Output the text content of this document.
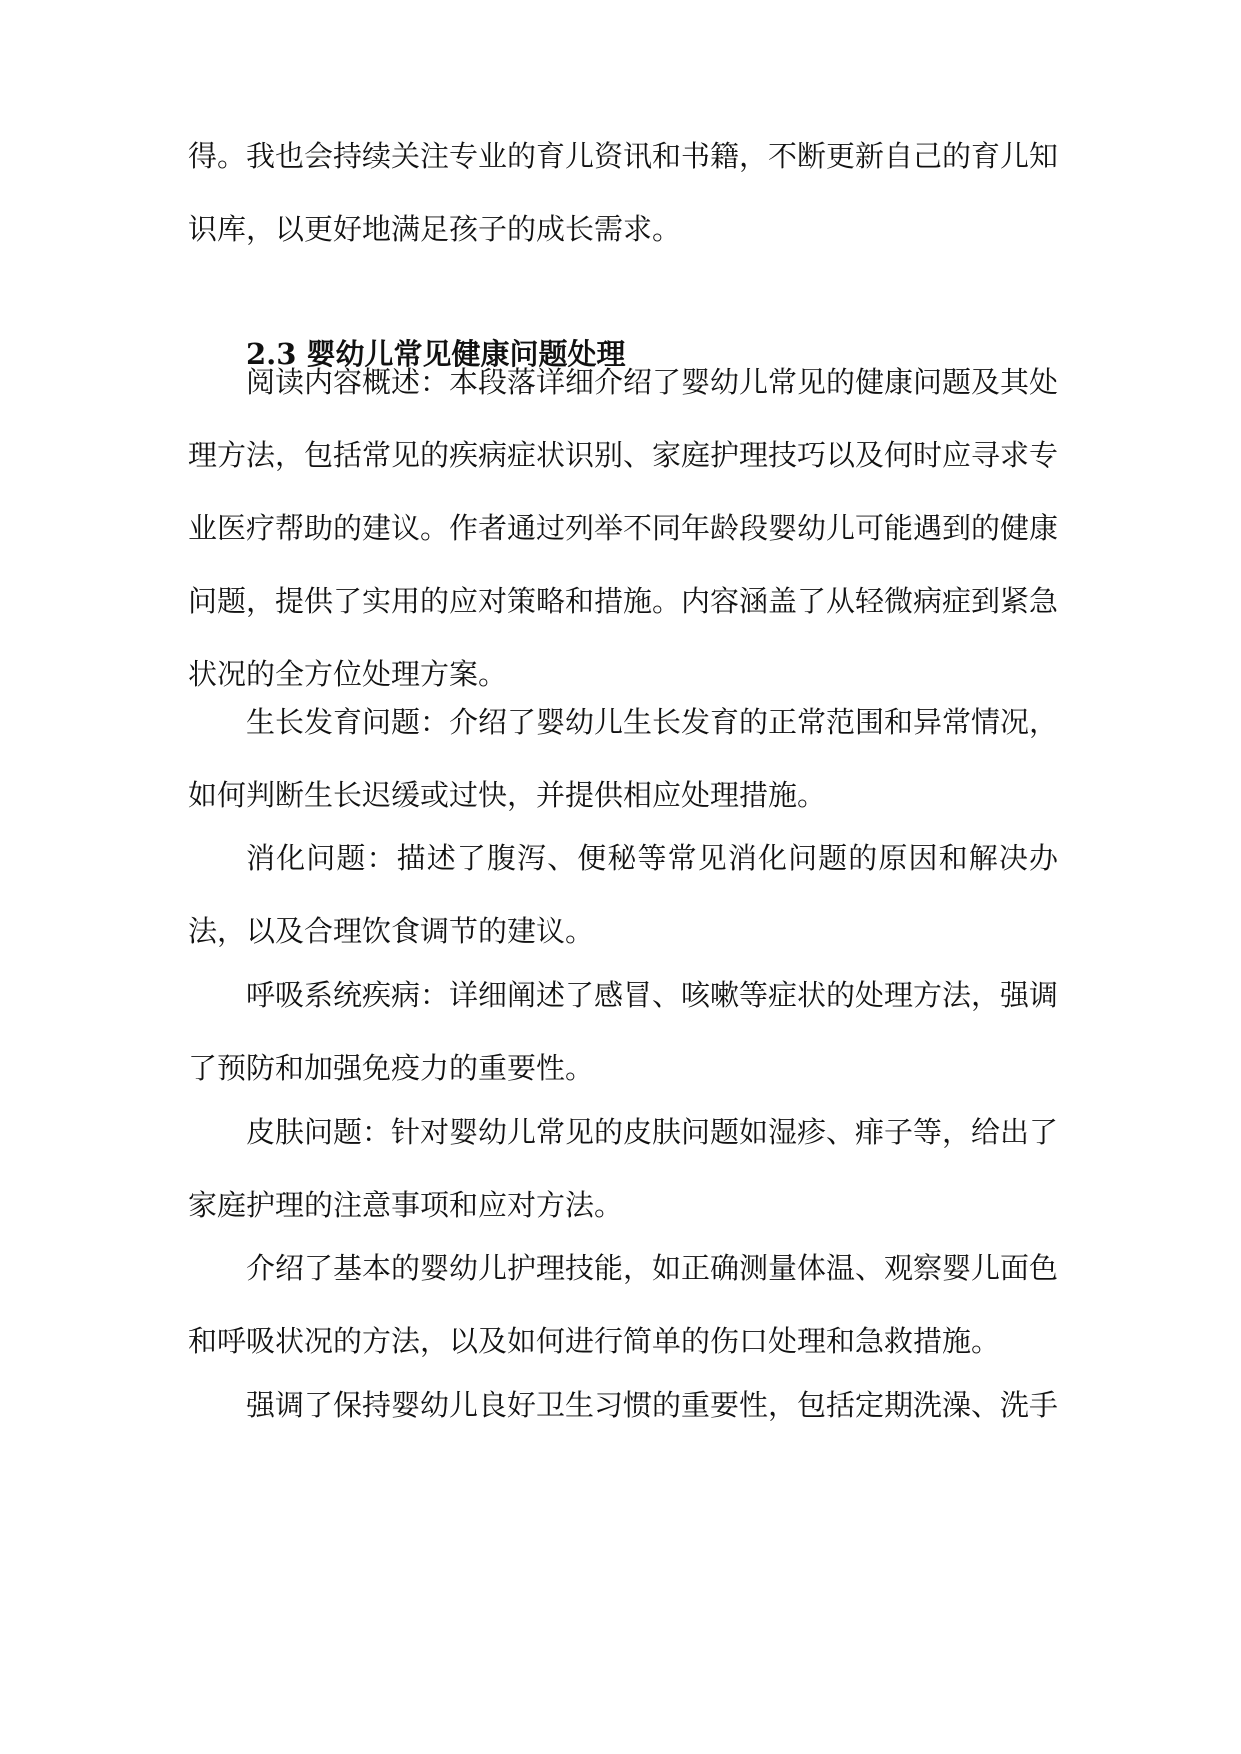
得。我也会持续关注专业的育儿资讯和书籍，不断更新自己的育儿知识库，以更好地满足孩子的成长需求。

2.3 婴幼儿常见健康问题处理

阅读内容概述：本段落详细介绍了婴幼儿常见的健康问题及其处理方法，包括常见的疾病症状识别、家庭护理技巧以及何时应寻求专业医疗帮助的建议。作者通过列举不同年龄段婴幼儿可能遇到的健康问题，提供了实用的应对策略和措施。内容涵盖了从轻微病症到紧急状况的全方位处理方案。

生长发育问题：介绍了婴幼儿生长发育的正常范围和异常情况，如何判断生长迟缓或过快，并提供相应处理措施。

消化问题：描述了腹泻、便秘等常见消化问题的原因和解决办法，以及合理饮食调节的建议。

呼吸系统疾病：详细阐述了感冒、咳嗽等症状的处理方法，强调了预防和加强免疫力的重要性。

皮肤问题：针对婴幼儿常见的皮肤问题如湿疹、痱子等，给出了家庭护理的注意事项和应对方法。

介绍了基本的婴幼儿护理技能，如正确测量体温、观察婴儿面色和呼吸状况的方法，以及如何进行简单的伤口处理和急救措施。

强调了保持婴幼儿良好卫生习惯的重要性，包括定期洗澡、洗手
